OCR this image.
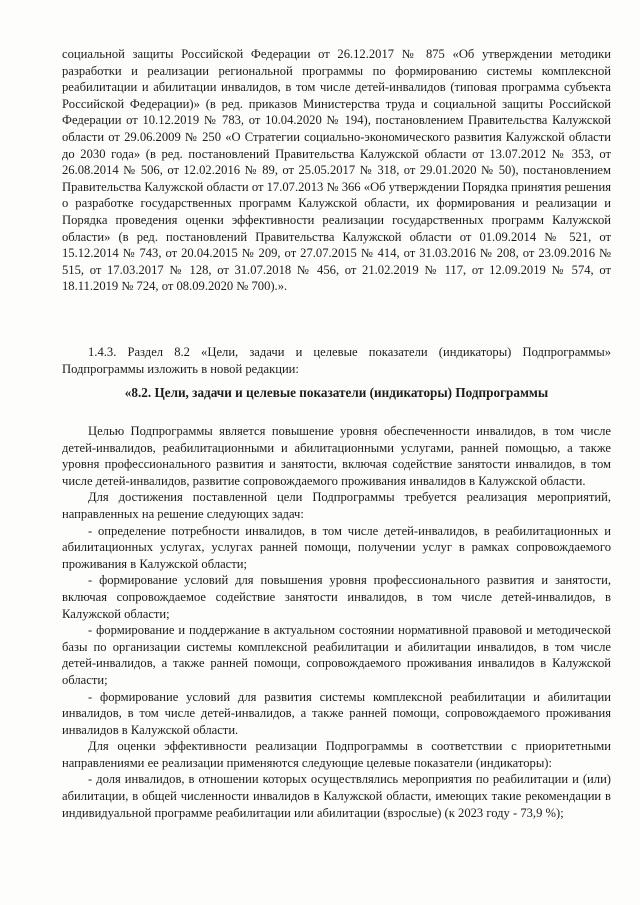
социальной защиты Российской Федерации от 26.12.2017 № 875 «Об утверждении методики разработки и реализации региональной программы по формированию системы комплексной реабилитации и абилитации инвалидов, в том числе детей-инвалидов (типовая программа субъекта Российской Федерации)» (в ред. приказов Министерства труда и социальной защиты Российской Федерации от 10.12.2019 № 783, от 10.04.2020 № 194), постановлением Правительства Калужской области от 29.06.2009 № 250 «О Стратегии социально-экономического развития Калужской области до 2030 года» (в ред. постановлений Правительства Калужской области от 13.07.2012 № 353, от 26.08.2014 № 506, от 12.02.2016 № 89, от 25.05.2017 № 318, от 29.01.2020 № 50), постановлением Правительства Калужской области от 17.07.2013 № 366 «Об утверждении Порядка принятия решения о разработке государственных программ Калужской области, их формирования и реализации и Порядка проведения оценки эффективности реализации государственных программ Калужской области» (в ред. постановлений Правительства Калужской области от 01.09.2014 № 521, от 15.12.2014 № 743, от 20.04.2015 № 209, от 27.07.2015 № 414, от 31.03.2016 № 208, от 23.09.2016 № 515, от 17.03.2017 № 128, от 31.07.2018 № 456, от 21.02.2019 № 117, от 12.09.2019 № 574, от 18.11.2019 № 724, от 08.09.2020 № 700).».

1.4.3. Раздел 8.2 «Цели, задачи и целевые показатели (индикаторы) Подпрограммы» Подпрограммы изложить в новой редакции:

«8.2. Цели, задачи и целевые показатели (индикаторы) Подпрограммы

Целью Подпрограммы является повышение уровня обеспеченности инвалидов, в том числе детей-инвалидов, реабилитационными и абилитационными услугами, ранней помощью, а также уровня профессионального развития и занятости, включая содействие занятости инвалидов, в том числе детей-инвалидов, развитие сопровождаемого проживания инвалидов в Калужской области.

Для достижения поставленной цели Подпрограммы требуется реализация мероприятий, направленных на решение следующих задач:

- определение потребности инвалидов, в том числе детей-инвалидов, в реабилитационных и абилитационных услугах, услугах ранней помощи, получении услуг в рамках сопровождаемого проживания в Калужской области;

- формирование условий для повышения уровня профессионального развития и занятости, включая сопровождаемое содействие занятости инвалидов, в том числе детей-инвалидов, в Калужской области;

- формирование и поддержание в актуальном состоянии нормативной правовой и методической базы по организации системы комплексной реабилитации и абилитации инвалидов, в том числе детей-инвалидов, а также ранней помощи, сопровождаемого проживания инвалидов в Калужской области;

- формирование условий для развития системы комплексной реабилитации и абилитации инвалидов, в том числе детей-инвалидов, а также ранней помощи, сопровождаемого проживания инвалидов в Калужской области.

Для оценки эффективности реализации Подпрограммы в соответствии с приоритетными направлениями ее реализации применяются следующие целевые показатели (индикаторы):

- доля инвалидов, в отношении которых осуществлялись мероприятия по реабилитации и (или) абилитации, в общей численности инвалидов в Калужской области, имеющих такие рекомендации в индивидуальной программе реабилитации или абилитации (взрослые) (к 2023 году - 73,9 %);
